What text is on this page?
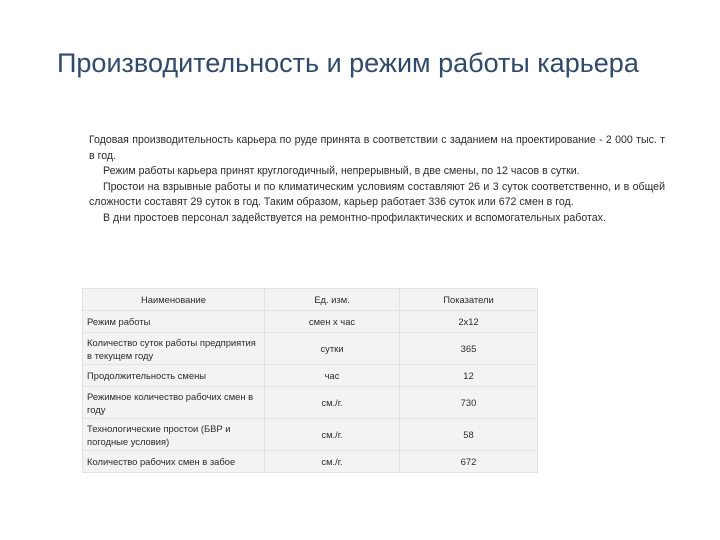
Производительность и режим работы карьера

Годовая производительность карьера по руде принята в соответствии с заданием на проектирование - 2 000 тыс. т в год.

Режим работы карьера принят круглогодичный, непрерывный, в две смены, по 12 часов в сутки.

Простои на взрывные работы и по климатическим условиям составляют 26 и 3 суток соответственно, и в общей сложности составят 29 суток в год. Таким образом, карьер работает 336 суток или 672 смен в год.

В дни простоев персонал задействуется на ремонтно-профилактических и вспомогательных работах.

Наименование	Ед. изм.	Показатели
Режим работы	смен х час	2х12
Количество суток работы предприятия в текущем году	сутки	365
Продолжительность смены	час	12
Режимное количество рабочих смен в году	см./г.	730
Технологические простои (БВР и погодные условия)	см./г.	58
Количество рабочих смен в забое	см./г.	672
